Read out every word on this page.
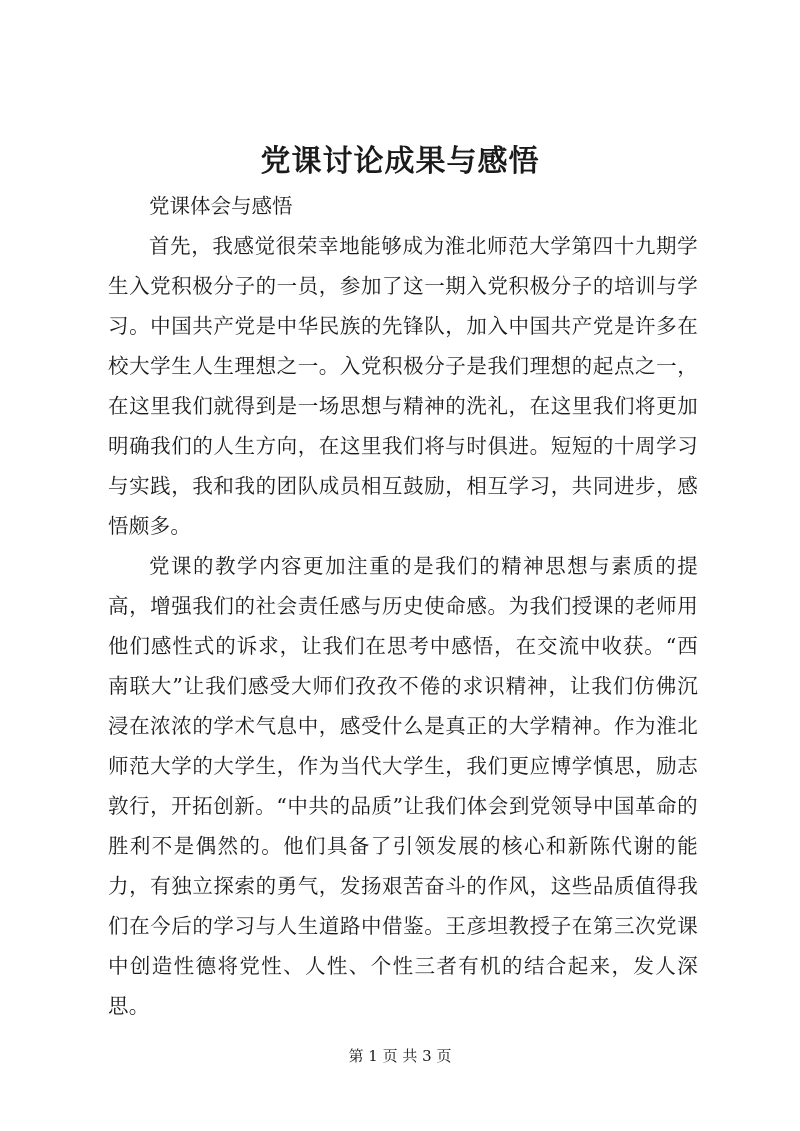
党课讨论成果与感悟
党课体会与感悟

首先，我感觉很荣幸地能够成为淮北师范大学第四十九期学生入党积极分子的一员，参加了这一期入党积极分子的培训与学习。中国共产党是中华民族的先锋队，加入中国共产党是许多在校大学生人生理想之一。入党积极分子是我们理想的起点之一，在这里我们就得到是一场思想与精神的洗礼，在这里我们将更加明确我们的人生方向，在这里我们将与时俱进。短短的十周学习与实践，我和我的团队成员相互鼓励，相互学习，共同进步，感悟颇多。

党课的教学内容更加注重的是我们的精神思想与素质的提高，增强我们的社会责任感与历史使命感。为我们授课的老师用他们感性式的诉求，让我们在思考中感悟，在交流中收获。“西南联大”让我们感受大师们孜孜不倦的求识精神，让我们仿佛沉浸在浓浓的学术气息中，感受什么是真正的大学精神。作为淮北师范大学的大学生，作为当代大学生，我们更应博学慎思，励志敦行，开拓创新。“中共的品质”让我们体会到党领导中国革命的胜利不是偶然的。他们具备了引领发展的核心和新陈代谢的能力，有独立探索的勇气，发扬艰苦奋斗的作风，这些品质值得我们在今后的学习与人生道路中借鉴。王彦坦教授子在第三次党课中创造性德将党性、人性、个性三者有机的结合起来，发人深思。

第 1 页 共 3 页
